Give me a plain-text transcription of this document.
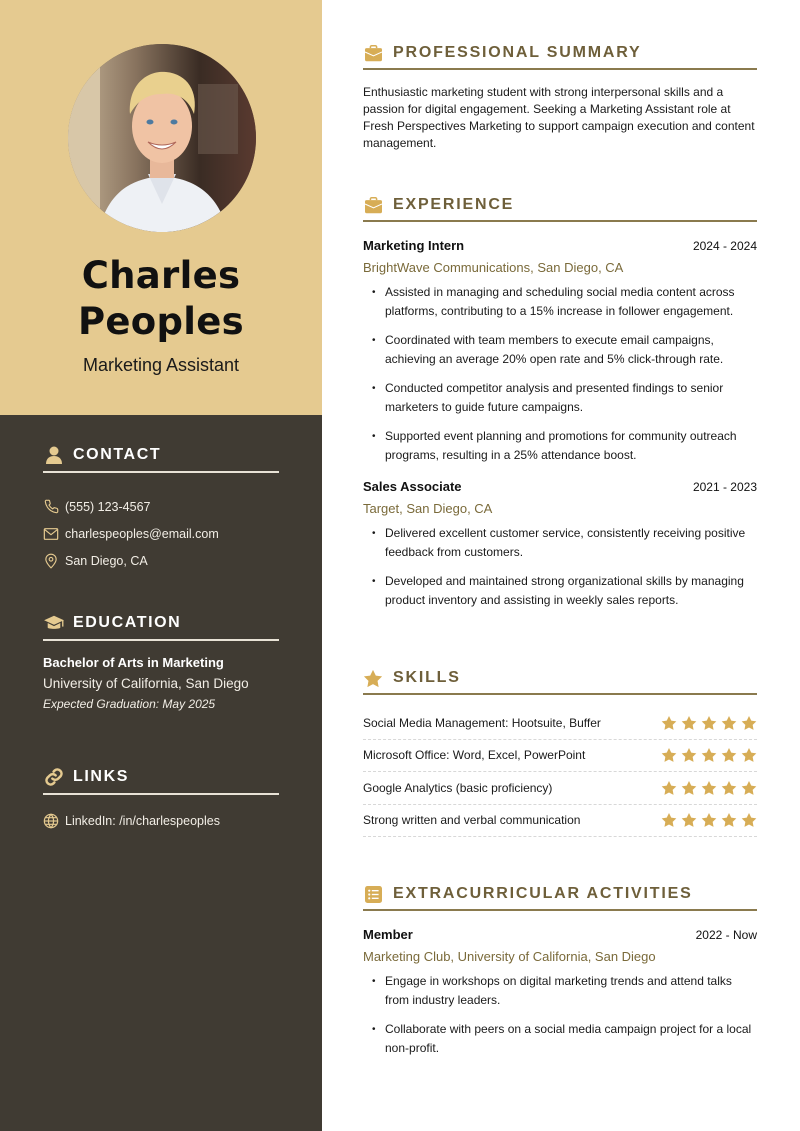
Charles
Peoples
Marketing Assistant
CONTACT
(555) 123-4567
charlespeoples@email.com
San Diego, CA
EDUCATION
Bachelor of Arts in Marketing
University of California, San Diego
Expected Graduation: May 2025
LINKS
LinkedIn: /in/charlespeoples
PROFESSIONAL SUMMARY

Enthusiastic marketing student with strong interpersonal skills and a passion for digital engagement. Seeking a Marketing Assistant role at Fresh Perspectives Marketing to support campaign execution and content management.

EXPERIENCE
Marketing Intern	2024 - 2024
BrightWave Communications, San Diego, CA
• Assisted in managing and scheduling social media content across platforms, contributing to a 15% increase in follower engagement.
• Coordinated with team members to execute email campaigns, achieving an average 20% open rate and 5% click-through rate.
• Conducted competitor analysis and presented findings to senior marketers to guide future campaigns.
• Supported event planning and promotions for community outreach programs, resulting in a 25% attendance boost.
Sales Associate	2021 - 2023
Target, San Diego, CA
• Delivered excellent customer service, consistently receiving positive feedback from customers.
• Developed and maintained strong organizational skills by managing product inventory and assisting in weekly sales reports.
SKILLS
Social Media Management: Hootsuite, Buffer
Microsoft Office: Word, Excel, PowerPoint
Google Analytics (basic proficiency)
Strong written and verbal communication
EXTRACURRICULAR ACTIVITIES
Member	2022 - Now
Marketing Club, University of California, San Diego
• Engage in workshops on digital marketing trends and attend talks from industry leaders.
• Collaborate with peers on a social media campaign project for a local non-profit.
